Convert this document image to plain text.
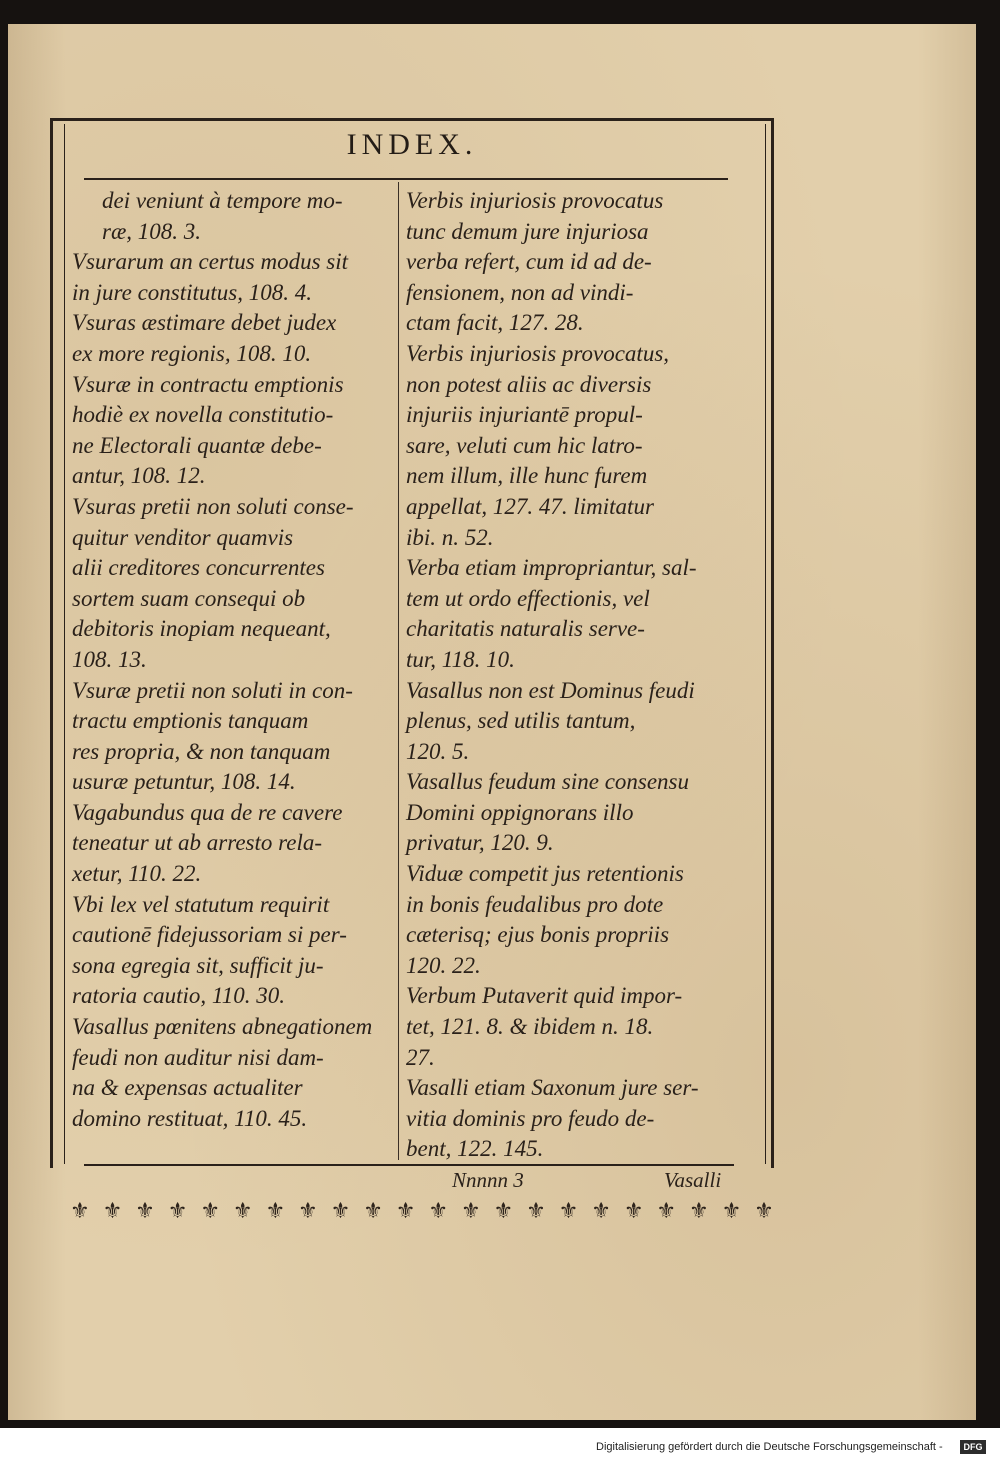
INDEX.
dei veniunt à tempore mo-
ræ, 108. 3.
Vsurarum an certus modus sit
in jure constitutus, 108. 4.
Vsuras æstimare debet judex
ex more regionis, 108. 10.
Vsuræ in contractu emptionis
hodiè ex novella constitutio-
ne Electorali quantæ debe-
antur, 108. 12.
Vsuras pretii non soluti conse-
quitur venditor quamvis
alii creditores concurrentes
sortem suam consequi ob
debitoris inopiam nequeant,
108. 13.
Vsuræ pretii non soluti in con-
tractu emptionis tanquam
res propria, & non tanquam
usuræ petuntur, 108. 14.
Vagabundus qua de re cavere
teneatur ut ab arresto rela-
xetur, 110. 22.
Vbi lex vel statutum requirit
cautionē fidejussoriam si per-
sona egregia sit, sufficit ju-
ratoria cautio, 110. 30.
Vasallus pœnitens abnegationem
feudi non auditur nisi dam-
na & expensas actualiter
domino restituat, 110. 45.
Verbis injuriosis provocatus
tunc demum jure injuriosa
verba refert, cum id ad de-
fensionem, non ad vindi-
ctam facit, 127. 28.
Verbis injuriosis provocatus,
non potest aliis ac diversis
injuriis injuriantē propul-
sare, veluti cum hic latro-
nem illum, ille hunc furem
appellat, 127. 47. limitatur
ibi. n. 52.
Verba etiam impropriantur, sal-
tem ut ordo effectionis, vel
charitatis naturalis serve-
tur, 118. 10.
Vasallus non est Dominus feudi
plenus, sed utilis tantum,
120. 5.
Vasallus feudum sine consensu
Domini oppignorans illo
privatur, 120. 9.
Viduæ competit jus retentionis
in bonis feudalibus pro dote
cæterisq; ejus bonis propriis
120. 22.
Verbum Putaverit quid impor-
tet, 121. 8. & ibidem n. 18.
27.
Vasalli etiam Saxonum jure ser-
vitia dominis pro feudo de-
bent, 122. 145.
Nnnnn 3	Vasalli
⚜ ⚜ ⚜ ⚜ ⚜ ⚜ ⚜ ⚜ ⚜ ⚜ ⚜ ⚜ ⚜ ⚜ ⚜ ⚜ ⚜ ⚜ ⚜ ⚜ ⚜ ⚜
Digitalisierung gefördert durch die Deutsche Forschungsgemeinschaft -	DFG
